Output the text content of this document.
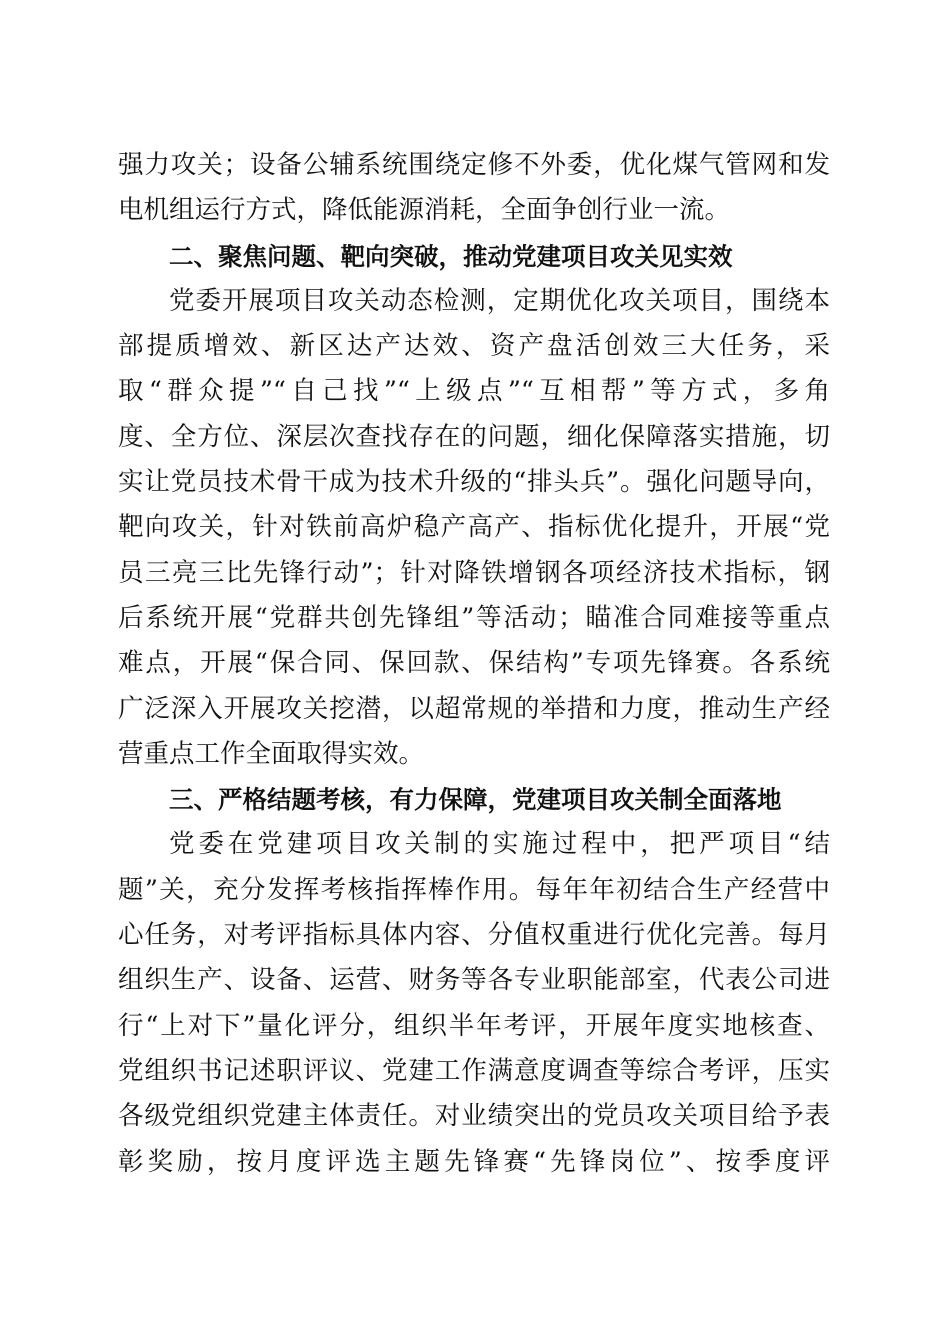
强力攻关；设备公辅系统围绕定修不外委，优化煤气管网和发
电机组运行方式，降低能源消耗，全面争创行业一流。
二、聚焦问题、靶向突破，推动党建项目攻关见实效
党委开展项目攻关动态检测，定期优化攻关项目，围绕本
部提质增效、新区达产达效、资产盘活创效三大任务，采
取“群众提”“自己找”“上级点”“互相帮”等方式，多角
度、全方位、深层次查找存在的问题，细化保障落实措施，切
实让党员技术骨干成为技术升级的“排头兵”。强化问题导向，
靶向攻关，针对铁前高炉稳产高产、指标优化提升，开展“党
员三亮三比先锋行动”；针对降铁增钢各项经济技术指标，钢
后系统开展“党群共创先锋组”等活动；瞄准合同难接等重点
难点，开展“保合同、保回款、保结构”专项先锋赛。各系统
广泛深入开展攻关挖潜，以超常规的举措和力度，推动生产经
营重点工作全面取得实效。
三、严格结题考核，有力保障，党建项目攻关制全面落地
党委在党建项目攻关制的实施过程中，把严项目“结
题”关，充分发挥考核指挥棒作用。每年年初结合生产经营中
心任务，对考评指标具体内容、分值权重进行优化完善。每月
组织生产、设备、运营、财务等各专业职能部室，代表公司进
行“上对下”量化评分，组织半年考评，开展年度实地核查、
党组织书记述职评议、党建工作满意度调查等综合考评，压实
各级党组织党建主体责任。对业绩突出的党员攻关项目给予表
彰奖励，按月度评选主题先锋赛“先锋岗位”、按季度评
